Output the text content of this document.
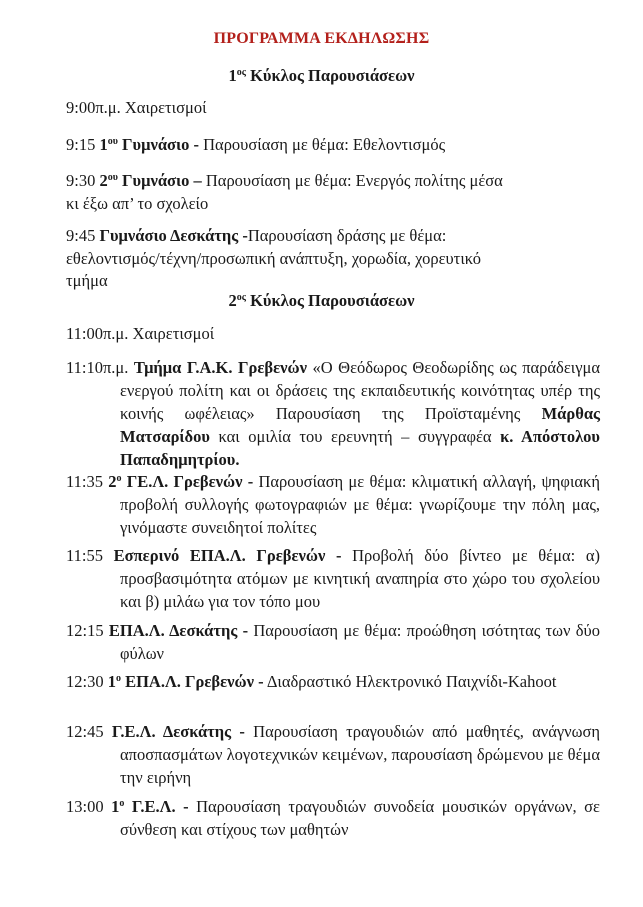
ΠΡΟΓΡΑΜΜΑ ΕΚΔΗΛΩΣΗΣ
$1^{o\varsigma}$ Κύκλος Παρουσιάσεων
9:00π.μ. Χαιρετισμοί
9:15 $1^{o\upsilon}$ Γυμνάσιο - Παρουσίαση με θέμα: Εθελοντισμός
9:30 $2^{o\upsilon}$ Γυμνάσιο – Παρουσίαση με θέμα: Ενεργός πολίτης μέσα
κι έξω απ’ το σχολείο
9:45 Γυμνάσιο Δεσκάτης -Παρουσίαση δράσης με θέμα:
εθελοντισμός/τέχνη/προσωπική ανάπτυξη, χορωδία, χορευτικό
τμήμα
$2^{o\varsigma}$ Κύκλος Παρουσιάσεων
11:00π.μ. Χαιρετισμοί
11:10π.μ. Τμήμα Γ.Α.Κ. Γρεβενών «Ο Θεόδωρος Θεοδωρίδης ως παράδειγμα ενεργού πολίτη και οι δράσεις της εκπαιδευτικής κοινότητας υπέρ της κοινής ωφέλειας» Παρουσίαση της Προϊσταμένης Μάρθας Ματσαρίδου και ομιλία του ερευνητή – συγγραφέα κ. Απόστολου Παπαδημητρίου.
11:35 $2^o$ ΓΕ.Λ. Γρεβενών - Παρουσίαση με θέμα: κλιματική αλλαγή, ψηφιακή προβολή συλλογής φωτογραφιών με θέμα: γνωρίζουμε την πόλη μας, γινόμαστε συνειδητοί πολίτες
11:55 Εσπερινό ΕΠΑ.Λ. Γρεβενών - Προβολή δύο βίντεο με θέμα: α) προσβασιμότητα ατόμων με κινητική αναπηρία στο χώρο του σχολείου και β) μιλάω για τον τόπο μου
12:15 ΕΠΑ.Λ. Δεσκάτης - Παρουσίαση με θέμα: προώθηση ισότητας των δύο φύλων
12:30 $1^o$ ΕΠΑ.Λ. Γρεβενών - Διαδραστικό Ηλεκτρονικό Παιχνίδι-Kahoot
12:45 Γ.Ε.Λ. Δεσκάτης - Παρουσίαση τραγουδιών από μαθητές, ανάγνωση αποσπασμάτων λογοτεχνικών κειμένων, παρουσίαση δρώμενου με θέμα την ειρήνη
13:00 $1^o$ Γ.Ε.Λ. - Παρουσίαση τραγουδιών συνοδεία μουσικών οργάνων, σε σύνθεση και στίχους των μαθητών
